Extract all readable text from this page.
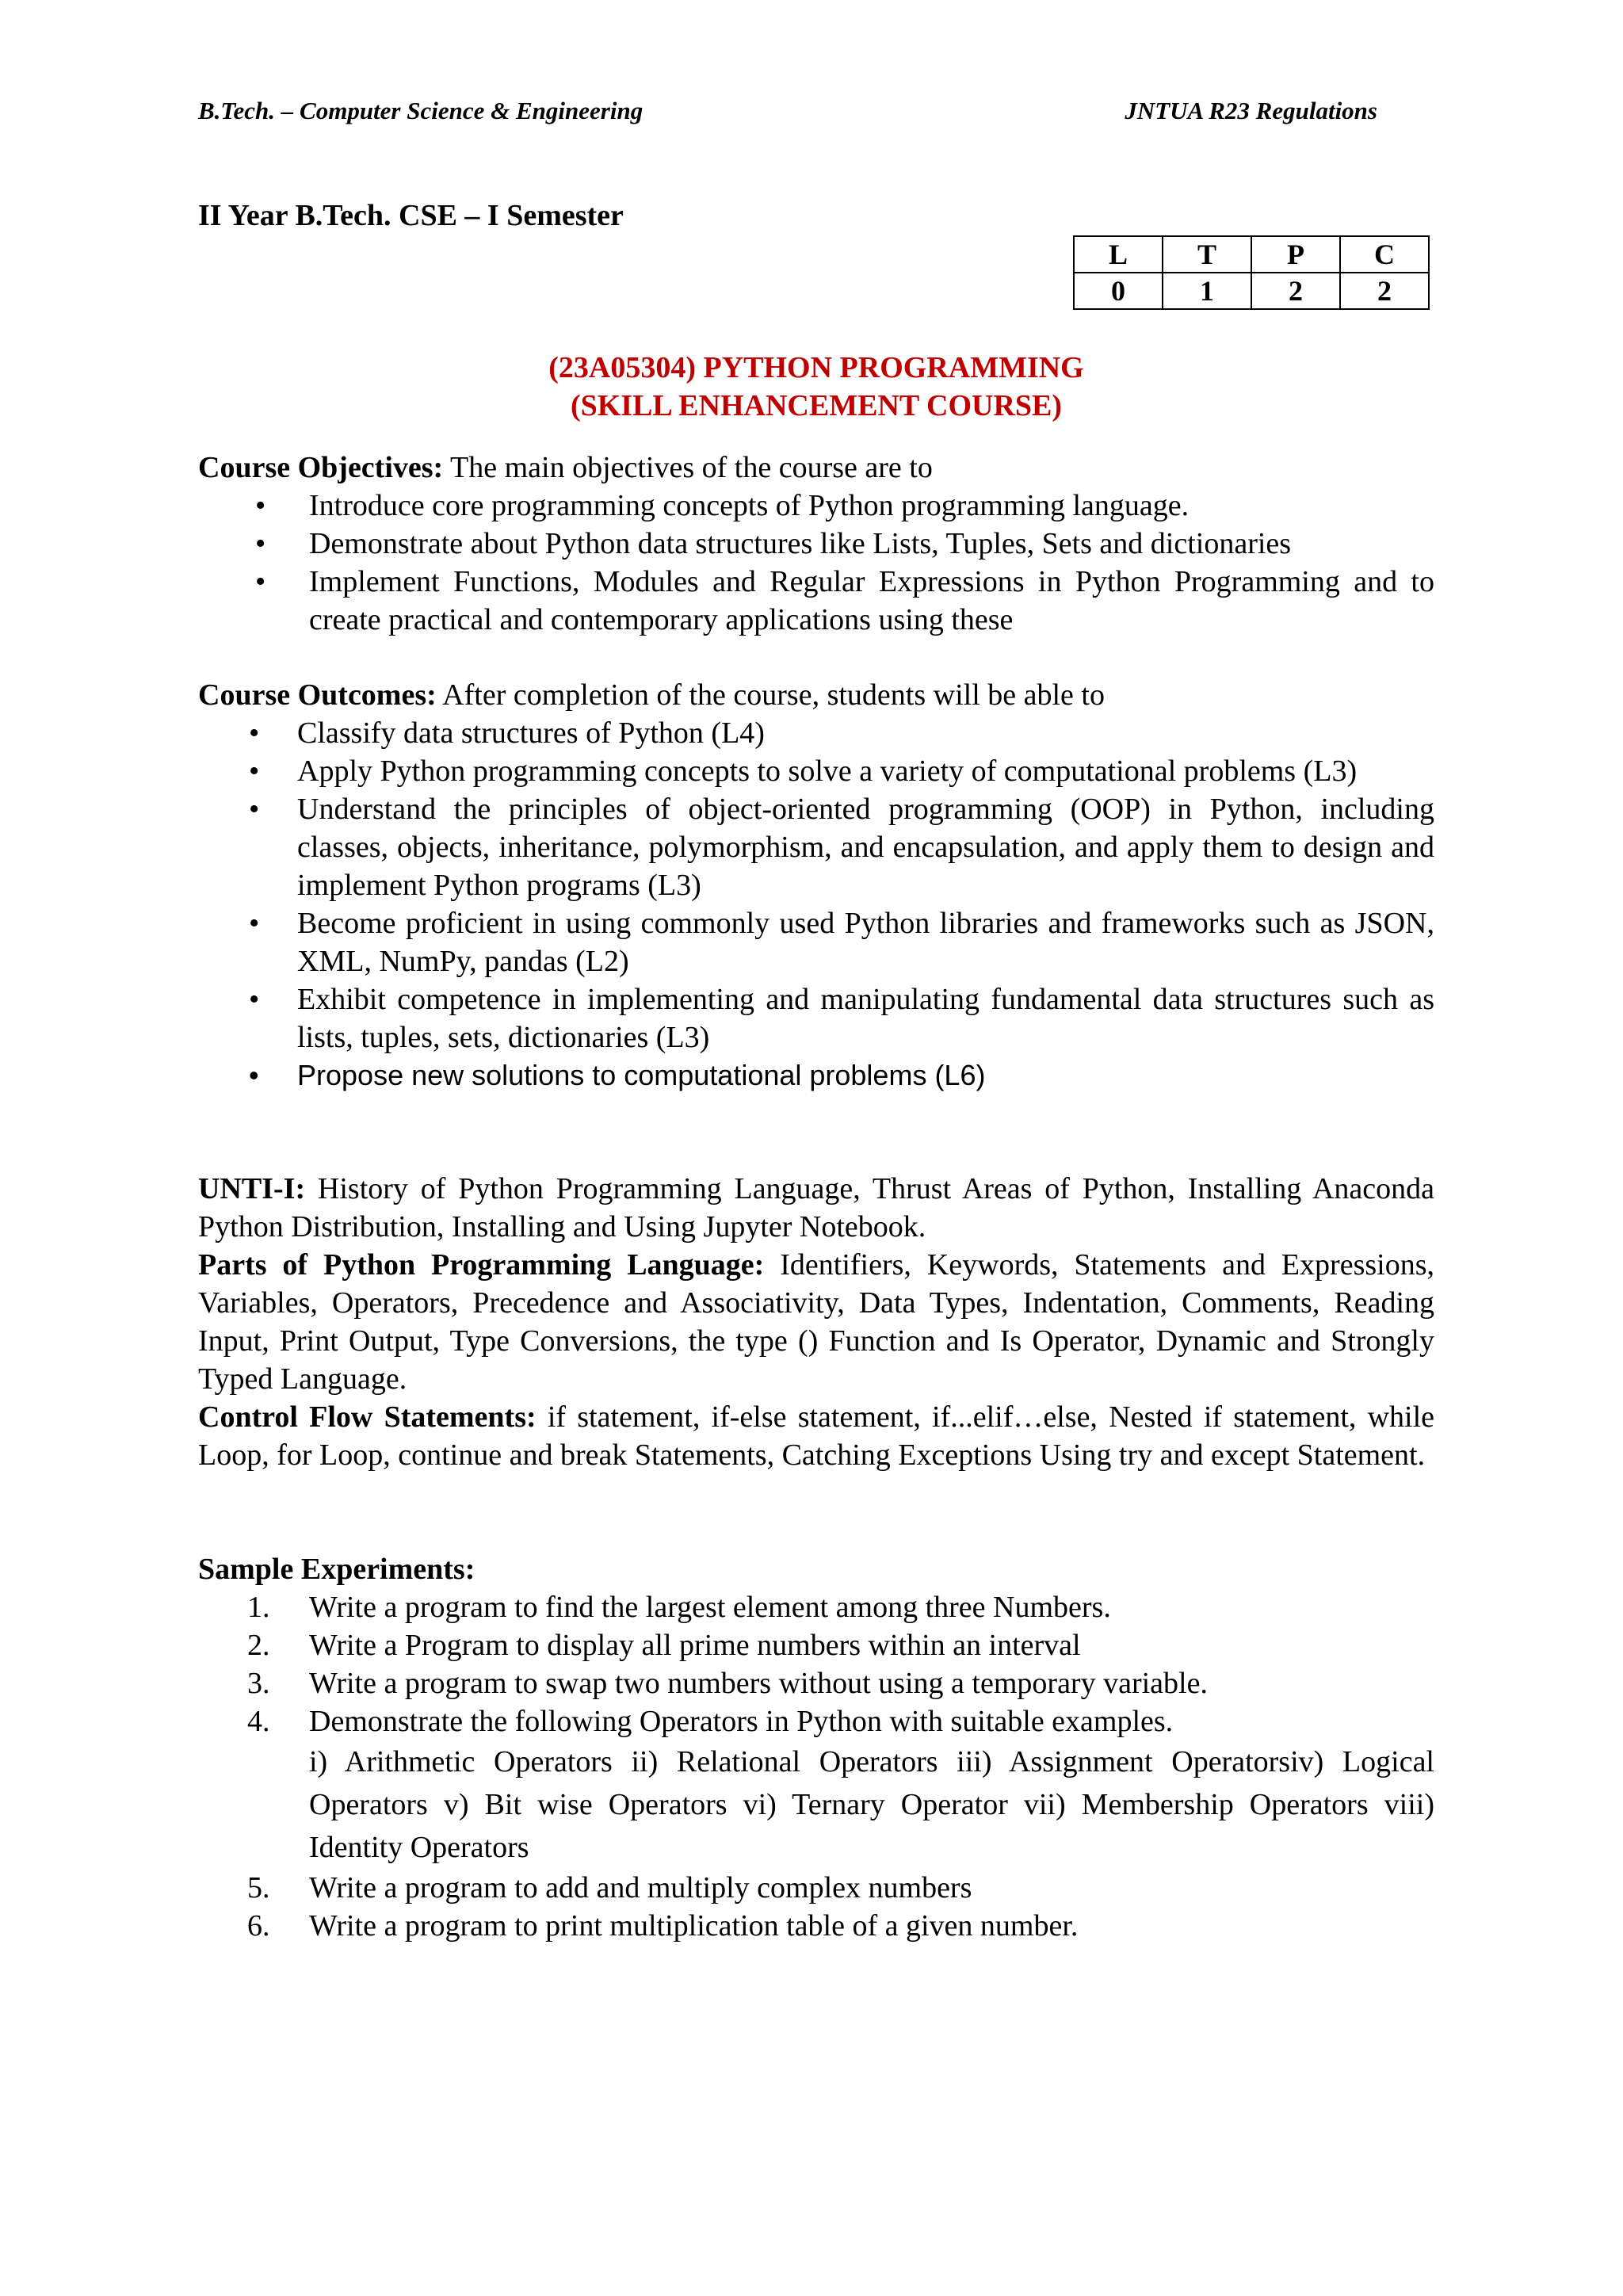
B.Tech. – Computer Science & Engineering	JNTUA R23 Regulations
II Year B.Tech. CSE – I Semester
L	T	P	C
0	1	2	2
(23A05304) PYTHON PROGRAMMING
(SKILL ENHANCEMENT COURSE)
Course Objectives: The main objectives of the course are to
• Introduce core programming concepts of Python programming language.
• Demonstrate about Python data structures like Lists, Tuples, Sets and dictionaries
• Implement Functions, Modules and Regular Expressions in Python Programming and to create practical and contemporary applications using these
Course Outcomes: After completion of the course, students will be able to
• Classify data structures of Python (L4)
• Apply Python programming concepts to solve a variety of computational problems (L3)
• Understand the principles of object-oriented programming (OOP) in Python, including classes, objects, inheritance, polymorphism, and encapsulation, and apply them to design and implement Python programs (L3)
• Become proficient in using commonly used Python libraries and frameworks such as JSON, XML, NumPy, pandas (L2)
• Exhibit competence in implementing and manipulating fundamental data structures such as lists, tuples, sets, dictionaries (L3)
• Propose new solutions to computational problems (L6)
UNTI-I: History of Python Programming Language, Thrust Areas of Python, Installing Anaconda Python Distribution, Installing and Using Jupyter Notebook.
Parts of Python Programming Language: Identifiers, Keywords, Statements and Expressions, Variables, Operators, Precedence and Associativity, Data Types, Indentation, Comments, Reading Input, Print Output, Type Conversions, the type () Function and Is Operator, Dynamic and Strongly Typed Language.
Control Flow Statements: if statement, if-else statement, if...elif…else, Nested if statement, while Loop, for Loop, continue and break Statements, Catching Exceptions Using try and except Statement.
Sample Experiments:
1. Write a program to find the largest element among three Numbers.
2. Write a Program to display all prime numbers within an interval
3. Write a program to swap two numbers without using a temporary variable.
4. Demonstrate the following Operators in Python with suitable examples.
i) Arithmetic Operators ii) Relational Operators iii) Assignment Operatorsiv) Logical Operators v) Bit wise Operators vi) Ternary Operator vii) Membership Operators viii) Identity Operators
5. Write a program to add and multiply complex numbers
6. Write a program to print multiplication table of a given number.
